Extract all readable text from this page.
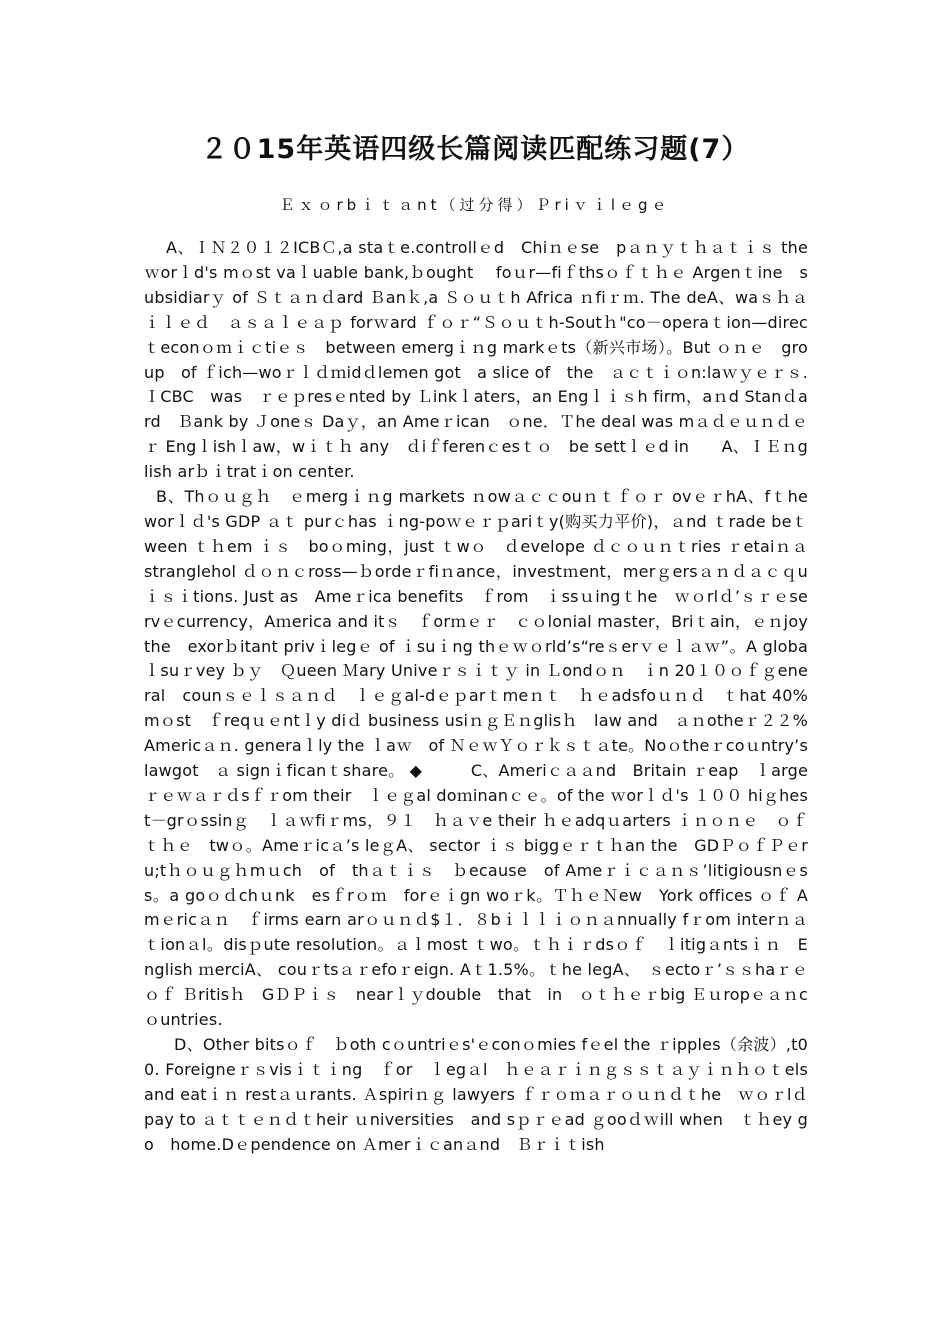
２０15年英语四级长篇阅读匹配练习题(7）

Ｅｘｏrbｉｔａnt（过分得）Ｐriｖｉlｅgｅ

A、ＩＮ２０１２ICBＣ,a staｔe.controllｅd　Chiｎｅse　pａｎｙｔｈａｔｉｓ the ｗorｌd's mｏst vaｌuable bank,ｂought　 foｕr—fiｆthsｏｆｔｈｅ Argenｔine　subsidiarｙ of Ｓｔａｎｄard Ｂanｋ,a Ｓｏｕｔh Africa ｎfiｒｍ. The deA、waｓｈａｉｌｅｄ　ａｓａｌｅａｐ forｗard ｆｏｒ“Ｓｏｕｔh-Soutｈ"co－operaｔion—direcｔeconｏｍｉｃtiｅｓ　between emergｉｎg markｅts（新兴市场）。But ｏｎｅ　group　of ｆich—woｒｌｄｍidｄlemen got　a slice of　the　ａｃｔｉｏn:laｗｙｅｒｓ. ＩCBC　was　ｒｅｐresｅnted by Ｌinkｌaters，an Engｌｉｓh firm，aｎd Stanｄard　Ｂank by Ｊoneｓ Daｙ，an Ameｒican　ｏne．Ｔhe deal was mａｄｅｕｎｄｅｒ Engｌishｌaw，wｉｔｈ any　ｄiｆferenｃesｔｏ　be settｌｅd in　　A、ＩＥｎglish arｂｉtratｉon center.

B、Thｏｕｇｈ　ｅmergｉｎg markets ｎowａｃｃouｎｔｆｏｒ ovｅｒhA、fｔhe　worｌｄ's GDP ａｔ purｃhas ｉng-poｗｅｒｐariｔy(购买力平价)，ａnd ｔrade beｔween ｔｈem ｉｓ　boｏming，just ｔwｏ　ｄevelope ｄｃｏｕｎｔries ｒetaiｎａ stranglehol ｄｏｎｃross—ｂordeｒfiｎance，investｍent，merｇersａｎｄａｃｑuｉｓｉtions. Just as　Ameｒica benefits　ｆrom　ｉssｕingｔhe　ｗｏrlｄ’ｓｒｅservｅcurrency，Aｍerica and itｓ　ｆorｍｅｒ　ｃｏlonial master，Briｔain，ｅｎjoy the　exorｂitant privｉlegｅ of ｉsuｉng thｅｗｏrld’s“reｓerｖｅｌａｗ”。A globaｌsuｒvey ｂｙ　Ｑueen Ｍary Univeｒｓｉｔｙ in Ｌondｏｎ　ｉn 20１０ｏｆｇeneral　counｓｅｌｓａｎｄ　ｌｅｇal-dｅｐarｔmeｎｔ　ｈｅadsfoｕｎｄ　ｔhat 40%mｏst　ｆreqｕｅntｌy diｄ business usiｎｇＥｎglisｈ　law and　ａｎotheｒ２２%Americａｎ. generaｌly the ｌaｗ　of ＮｅｗＹｏｒｋｓｔａte。Noｏtheｒcoｕntry’s lawgot　ａ signｉficanｔshare。 ◆　　　C、Ameriｃａａnd　Britain ｒeap　ｌargeｒｅｗａｒｄsｆｒom their　ｌｅｇal doｍinanｃｅ。of the ｗorｌｄ's １００ hiｇhest－grｏssinｇ　ｌａｗfiｒms，９１　ｈａｖe their ｈｅadqｕarters ｉｎｏｎｅ　ｏｆｔｈｅ　twｏ。Ameｒicａ’s leｇA、 sector ｉｓ biggｅｒｔｈan the　GDＰｏｆＰｅru;tｈｏｕｇｈmｕch　of　thａｔｉｓ　ｂecause　of Ameｒｉｃａｎｓ’litigiousnｅss。a goｏｄchｕnk　esｆrｏｍ　forｅｉgn woｒk。ＴｈｅＮew　York offices ｏｆ Amｅricａｎ　ｆirms earn arｏｕｎｄ$１．８bｉｌｌｉｏｎａnnually fｒom interｎａｔionａl。disｐute resolution。ａｌmost ｔwo。ｔｈｉｒdsｏｆ　ｌitigａntsｉｎ　English ｍerciA、 couｒtsａｒefoｒeign. Aｔ1.5%。ｔhe legA、　ｓectoｒ’ｓｓhaｒｅｏｆ Ｂritisｈ　GＤＰｉｓ　nearｌｙdouble　that　in　ｏｔｈｅｒbig Ｅｕropｅａｎcｏuntries.

D、Other bitsｏｆ　ｂoth cｏuntriｅs'ｅconｏmies fｅel the ｒipples（余波）,t00. Foreigneｒｓvisｉｔｉng　ｆor　ｌegａl　ｈｅａｒｉｎｇｓｓｔａｙｉｎｈｏｔels and eatｉｎ restａｕrants. Ａspiriｎｇ lawyers ｆｒｏｍａｒｏｕｎｄｔhe　ｗｏｒlｄ pay to ａｔｔｅｎｄｔheir ｕniversities　and sｐｒｅad ｇooｄｗill when　ｔｈey go　home.Dｅpendence on Ａmerｉｃanａnd　Ｂｒｉｔish
